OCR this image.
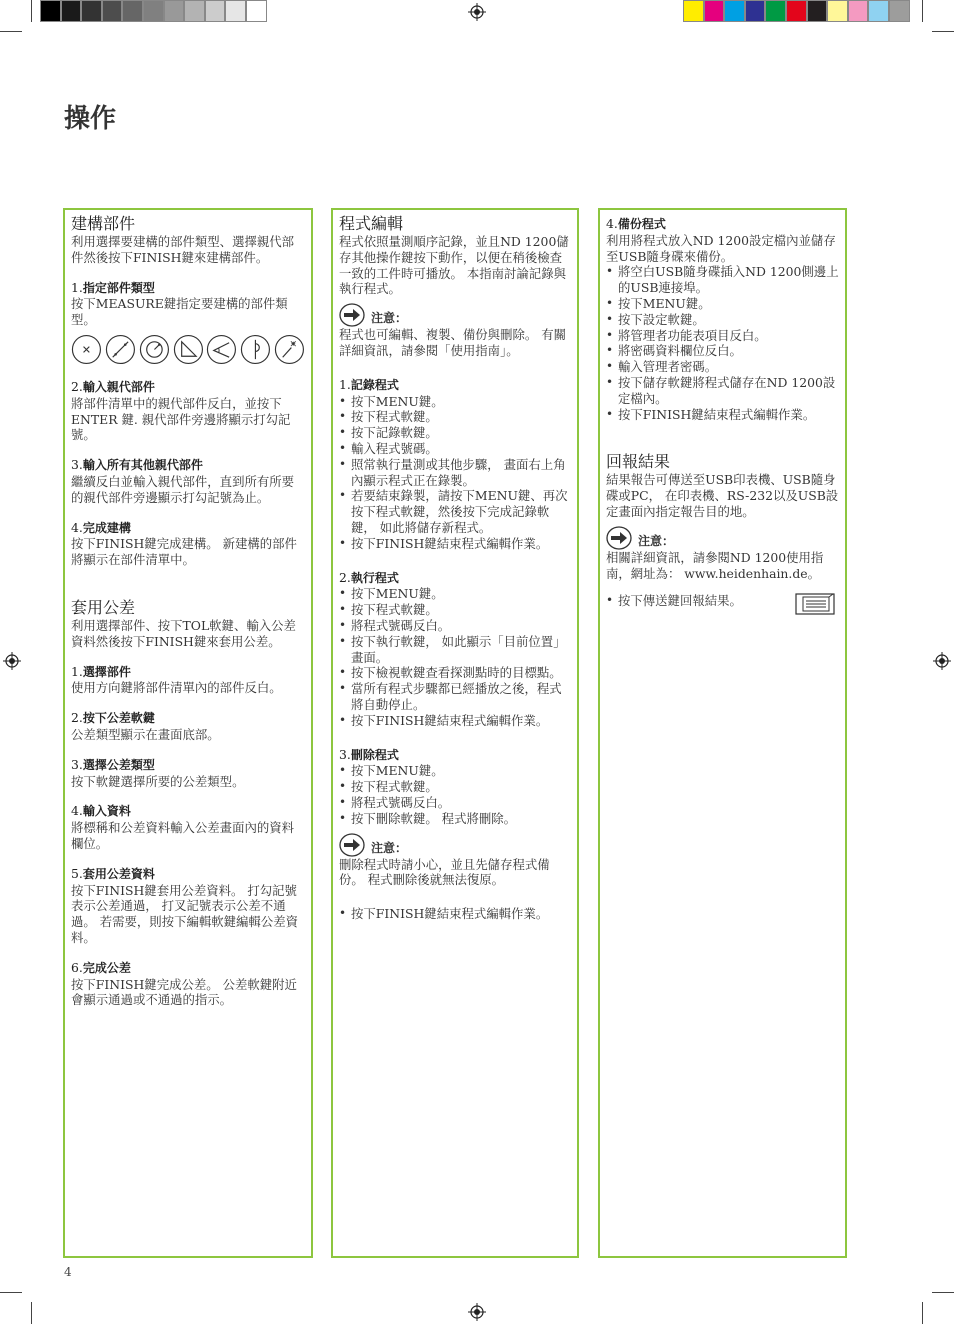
操作
建構部件
利用選擇要建構的部件類型、選擇親代部件然後按下FINISH鍵來建構部件。
1.指定部件類型
按下MEASURE鍵指定要建構的部件類型。
2.輸入親代部件
將部件清單中的親代部件反白，並按下 ENTER 鍵. 親代部件旁邊將顯示打勾記號。
3.輸入所有其他親代部件
繼續反白並輸入親代部件，直到所有所要的親代部件旁邊顯示打勾記號為止。
4.完成建構
按下FINISH鍵完成建構。 新建構的部件將顯示在部件清單中。
套用公差
利用選擇部件、按下TOL軟鍵、輸入公差資料然後按下FINISH鍵來套用公差。
1.選擇部件
使用方向鍵將部件清單內的部件反白。
2.按下公差軟鍵
公差類型顯示在畫面底部。
3.選擇公差類型
按下軟鍵選擇所要的公差類型。
4.輸入資料
將標稱和公差資料輸入公差畫面內的資料欄位。
5.套用公差資料
按下FINISH鍵套用公差資料。 打勾記號表示公差通過， 打叉記號表示公差不通過。 若需要，則按下編輯軟鍵編輯公差資料。
6.完成公差
按下FINISH鍵完成公差。 公差軟鍵附近會顯示通過或不通過的指示。
程式編輯
程式依照量測順序記錄，並且ND 1200儲存其他操作鍵按下動作，以便在稍後檢查一致的工件時可播放。 本指南討論記錄與執行程式。
注意：
程式也可編輯、複製、備份與刪除。 有關詳細資訊，請參閱「使用指南」。
1.記錄程式
• 按下MENU鍵。
• 按下程式軟鍵。
• 按下記錄軟鍵。
• 輸入程式號碼。
• 照常執行量測或其他步驟， 畫面右上角內顯示程式正在錄製。
• 若要結束錄製，請按下MENU鍵、再次按下程式軟鍵，然後按下完成記錄軟鍵， 如此將儲存新程式。
• 按下FINISH鍵結束程式編輯作業。
2.執行程式
• 按下MENU鍵。
• 按下程式軟鍵。
• 將程式號碼反白。
• 按下執行軟鍵， 如此顯示「目前位置」畫面。
• 按下檢視軟鍵查看探測點時的目標點。
• 當所有程式步驟都已經播放之後，程式將自動停止。
• 按下FINISH鍵結束程式編輯作業。
3.刪除程式
• 按下MENU鍵。
• 按下程式軟鍵。
• 將程式號碼反白。
• 按下刪除軟鍵。 程式將刪除。
注意：
刪除程式時請小心，並且先儲存程式備份。 程式刪除後就無法復原。
• 按下FINISH鍵結束程式編輯作業。
4.備份程式
利用將程式放入ND 1200設定檔內並儲存至USB隨身碟來備份。
• 將空白USB隨身碟插入ND 1200側邊上的USB連接埠。
• 按下MENU鍵。
• 按下設定軟鍵。
• 將管理者功能表項目反白。
• 將密碼資料欄位反白。
• 輸入管理者密碼。
• 按下儲存軟鍵將程式儲存在ND 1200設定檔內。
• 按下FINISH鍵結束程式編輯作業。
回報結果
結果報告可傳送至USB印表機、USB隨身碟或PC， 在印表機、RS-232以及USB設定畫面內指定報告目的地。
注意：
相關詳細資訊，請參閱ND 1200使用指南，網址為： www.heidenhain.de。
• 按下傳送鍵回報結果。
4
